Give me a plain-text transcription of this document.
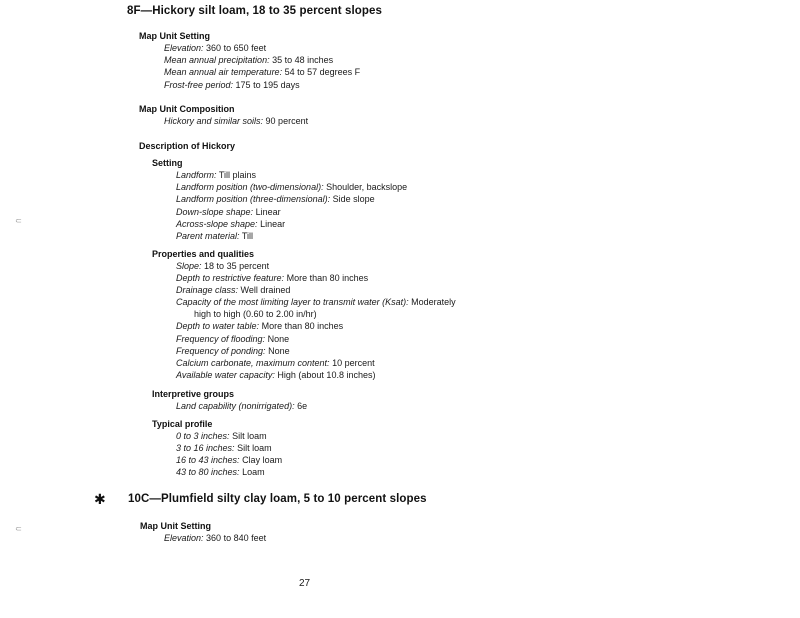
⸦
⸦
8F—Hickory silt loam, 18 to 35 percent slopes
Map Unit Setting
Elevation: 360 to 650 feet
Mean annual precipitation: 35 to 48 inches
Mean annual air temperature: 54 to 57 degrees F
Frost-free period: 175 to 195 days
Map Unit Composition
Hickory and similar soils: 90 percent
Description of Hickory
Setting
Landform: Till plains
Landform position (two-dimensional): Shoulder, backslope
Landform position (three-dimensional): Side slope
Down-slope shape: Linear
Across-slope shape: Linear
Parent material: Till
Properties and qualities
Slope: 18 to 35 percent
Depth to restrictive feature: More than 80 inches
Drainage class: Well drained
Capacity of the most limiting layer to transmit water (Ksat): Moderately
high to high (0.60 to 2.00 in/hr)
Depth to water table: More than 80 inches
Frequency of flooding: None
Frequency of ponding: None
Calcium carbonate, maximum content: 10 percent
Available water capacity: High (about 10.8 inches)
Interpretive groups
Land capability (nonirrigated): 6e
Typical profile
0 to 3 inches: Silt loam
3 to 16 inches: Silt loam
16 to 43 inches: Clay loam
43 to 80 inches: Loam
✱ 10C—Plumfield silty clay loam, 5 to 10 percent slopes
Map Unit Setting
Elevation: 360 to 840 feet
27
